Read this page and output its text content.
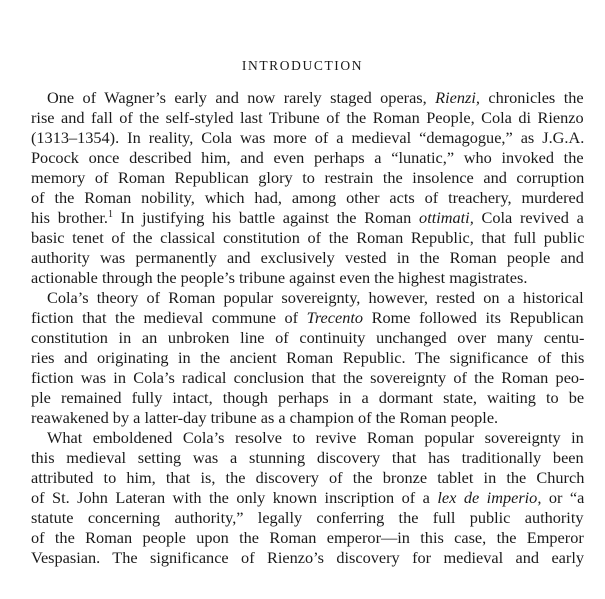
INTRODUCTION
One of Wagner’s early and now rarely staged operas, Rienzi, chronicles the
rise and fall of the self-styled last Tribune of the Roman People, Cola di Rienzo
(1313–1354). In reality, Cola was more of a medieval “demagogue,” as J.G.A.
Pocock once described him, and even perhaps a “lunatic,” who invoked the
memory of Roman Republican glory to restrain the insolence and corruption
of the Roman nobility, which had, among other acts of treachery, murdered
his brother.$^1$ In justifying his battle against the Roman ottimati, Cola revived a
basic tenet of the classical constitution of the Roman Republic, that full public
authority was permanently and exclusively vested in the Roman people and
actionable through the people’s tribune against even the highest magistrates.
Cola’s theory of Roman popular sovereignty, however, rested on a historical
fiction that the medieval commune of Trecento Rome followed its Republican
constitution in an unbroken line of continuity unchanged over many centu-
ries and originating in the ancient Roman Republic. The significance of this
fiction was in Cola’s radical conclusion that the sovereignty of the Roman peo-
ple remained fully intact, though perhaps in a dormant state, waiting to be
reawakened by a latter-day tribune as a champion of the Roman people.
What emboldened Cola’s resolve to revive Roman popular sovereignty in
this medieval setting was a stunning discovery that has traditionally been
attributed to him, that is, the discovery of the bronze tablet in the Church
of St. John Lateran with the only known inscription of a lex de imperio, or “a
statute concerning authority,” legally conferring the full public authority
of the Roman people upon the Roman emperor—in this case, the Emperor
Vespasian. The significance of Rienzo’s discovery for medieval and early
